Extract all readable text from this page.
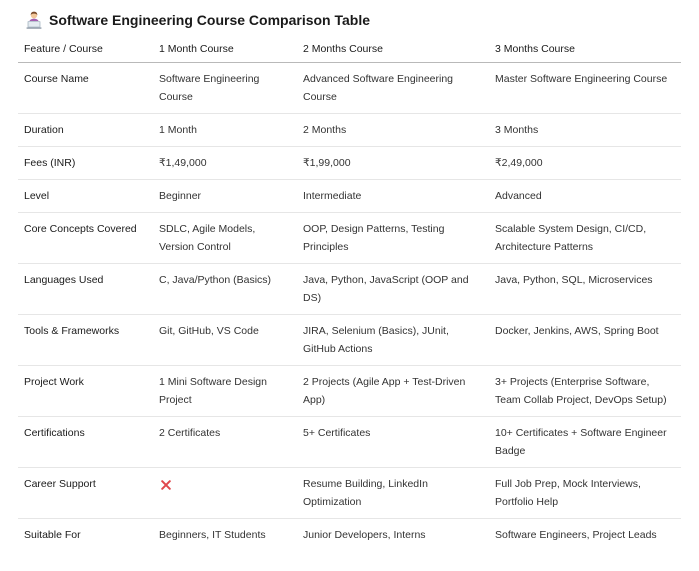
Software Engineering Course Comparison Table
Feature / Course	1 Month Course	2 Months Course	3 Months Course
Course Name	Software Engineering Course	Advanced Software Engineering Course	Master Software Engineering Course
Duration	1 Month	2 Months	3 Months
Fees (INR)	₹1,49,000	₹1,99,000	₹2,49,000
Level	Beginner	Intermediate	Advanced
Core Concepts Covered	SDLC, Agile Models, Version Control	OOP, Design Patterns, Testing Principles	Scalable System Design, CI/CD, Architecture Patterns
Languages Used	C, Java/Python (Basics)	Java, Python, JavaScript (OOP and DS)	Java, Python, SQL, Microservices
Tools & Frameworks	Git, GitHub, VS Code	JIRA, Selenium (Basics), JUnit, GitHub Actions	Docker, Jenkins, AWS, Spring Boot
Project Work	1 Mini Software Design Project	2 Projects (Agile App + Test-Driven App)	3+ Projects (Enterprise Software, Team Collab Project, DevOps Setup)
Certifications	2 Certificates	5+ Certificates	10+ Certificates + Software Engineer Badge
Career Support		Resume Building, LinkedIn Optimization	Full Job Prep, Mock Interviews, Portfolio Help
Suitable For	Beginners, IT Students	Junior Developers, Interns	Software Engineers, Project Leads
